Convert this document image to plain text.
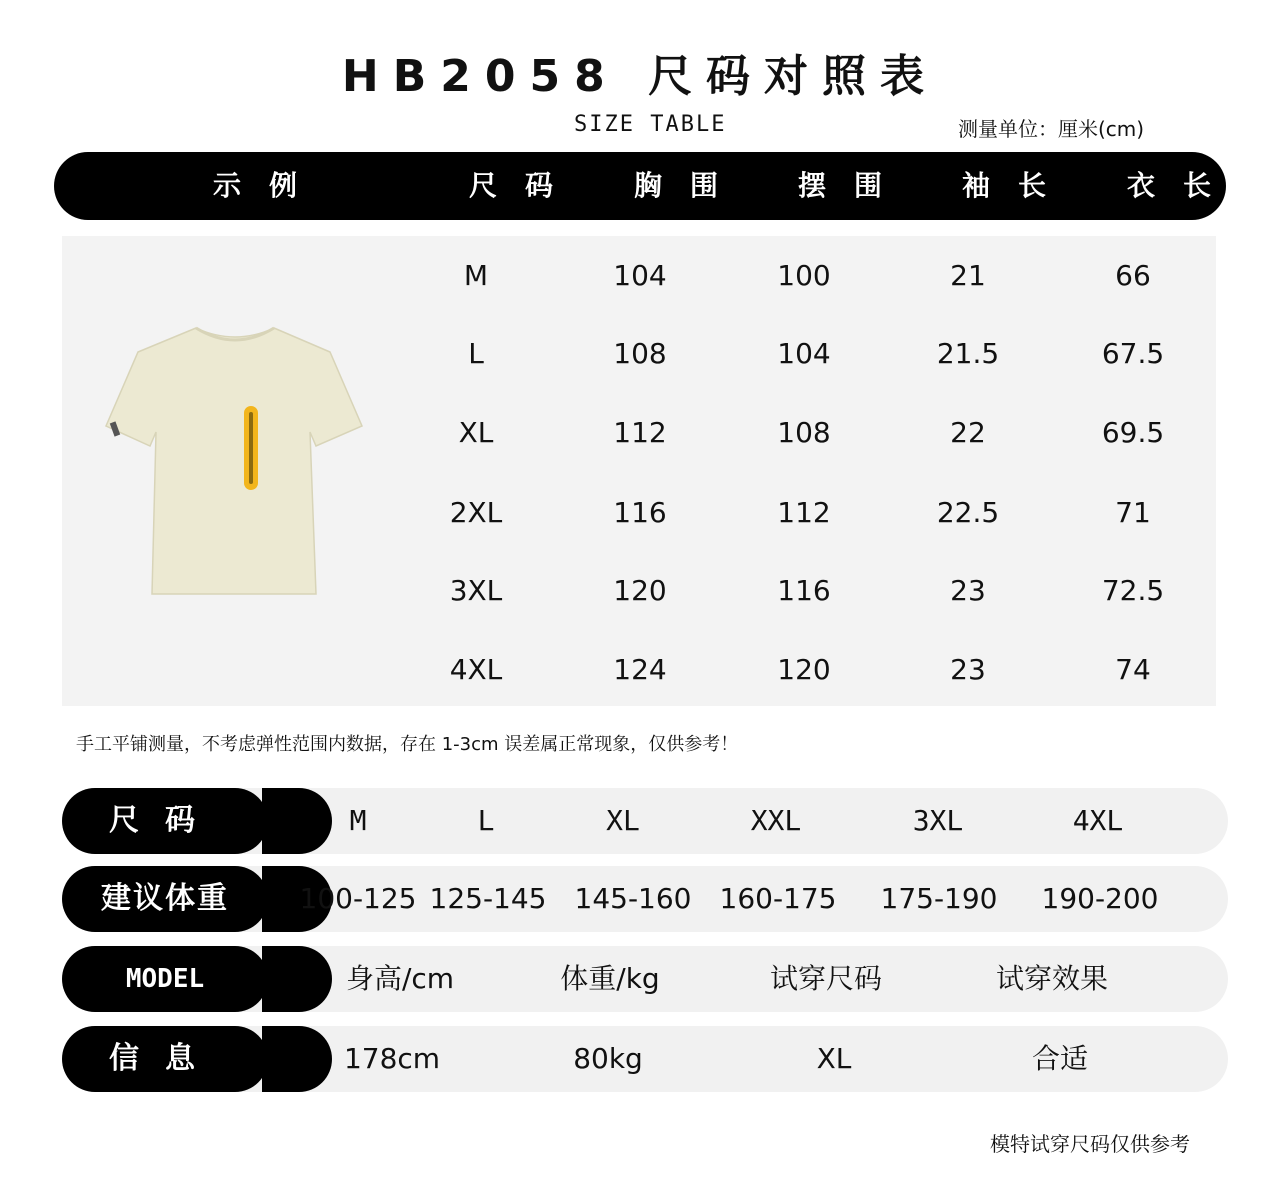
HB2058 尺码对照表
SIZE TABLE	测量单位：厘米(cm)
示例	尺码	胸围	摆围	袖长	衣长
M	104	100	21	66
L	108	104	21.5	67.5
XL	112	108	22	69.5
2XL	116	112	22.5	71
3XL	120	116	23	72.5
4XL	124	120	23	74
手工平铺测量，不考虑弹性范围内数据，存在 1-3cm 误差属正常现象，仅供参考！
尺码	M	L	XL	XXL	3XL	4XL
建议体重	100-125 125-145	145-160	160-175	175-190	190-200
MODEL	身高/cm	体重/kg	试穿尺码	试穿效果
信息	178cm	80kg	XL	合适
模特试穿尺码仅供参考
